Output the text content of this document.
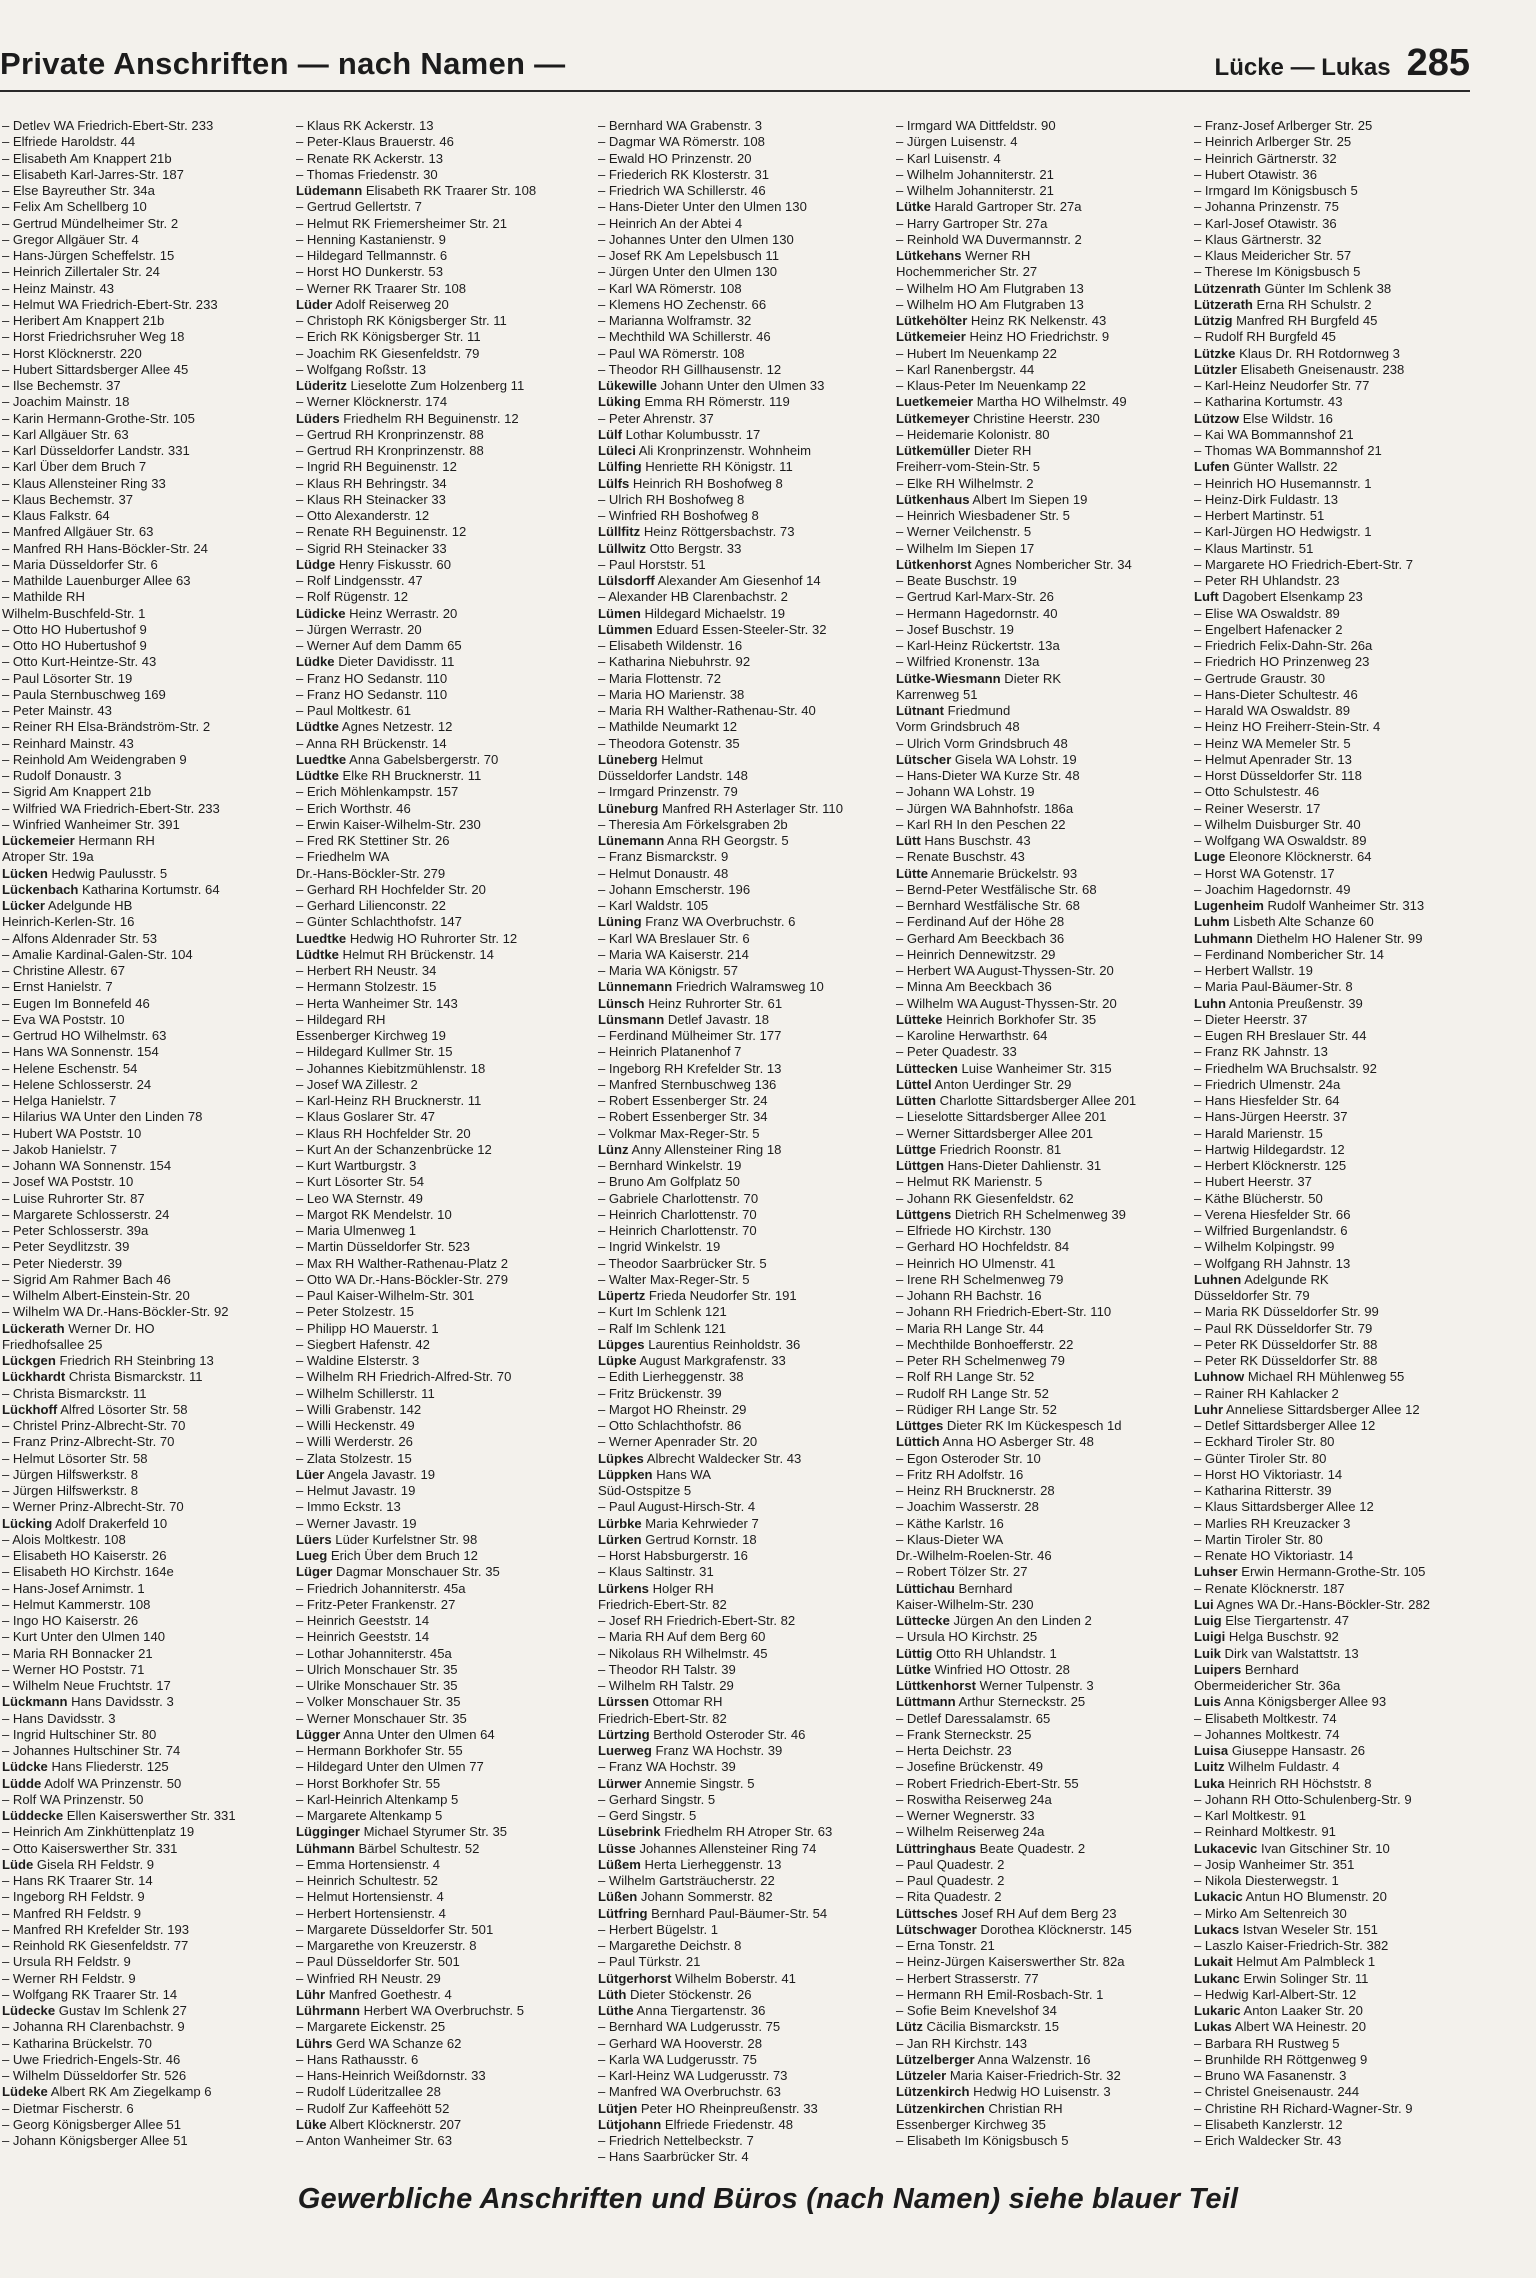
Private Anschriften — nach Namen —	Lücke — Lukas 285
– Detlev WA Friedrich-Ebert-Str. 233
– Elfriede Haroldstr. 44
– Elisabeth Am Knappert 21b
– Elisabeth Karl-Jarres-Str. 187
– Else Bayreuther Str. 34a
– Felix Am Schellberg 10
– Gertrud Mündelheimer Str. 2
– Gregor Allgäuer Str. 4
– Hans-Jürgen Scheffelstr. 15
– Heinrich Zillertaler Str. 24
– Heinz Mainstr. 43
– Helmut WA Friedrich-Ebert-Str. 233
– Heribert Am Knappert 21b
– Horst Friedrichsruher Weg 18
– Horst Klöcknerstr. 220
– Hubert Sittardsberger Allee 45
– Ilse Bechemstr. 37
– Joachim Mainstr. 18
– Karin Hermann-Grothe-Str. 105
– Karl Allgäuer Str. 63
– Karl Düsseldorfer Landstr. 331
– Karl Über dem Bruch 7
– Klaus Allensteiner Ring 33
– Klaus Bechemstr. 37
– Klaus Falkstr. 64
– Manfred Allgäuer Str. 63
– Manfred RH Hans-Böckler-Str. 24
– Maria Düsseldorfer Str. 6
– Mathilde Lauenburger Allee 63
– Mathilde RH
Wilhelm-Buschfeld-Str. 1
– Otto HO Hubertushof 9
– Otto HO Hubertushof 9
– Otto Kurt-Heintze-Str. 43
– Paul Lösorter Str. 19
– Paula Sternbuschweg 169
– Peter Mainstr. 43
– Reiner RH Elsa-Brändström-Str. 2
– Reinhard Mainstr. 43
– Reinhold Am Weidengraben 9
– Rudolf Donaustr. 3
– Sigrid Am Knappert 21b
– Wilfried WA Friedrich-Ebert-Str. 233
– Winfried Wanheimer Str. 391
Lückemeier Hermann RH
Atroper Str. 19a
Lücken Hedwig Paulusstr. 5
Lückenbach Katharina Kortumstr. 64
Lücker Adelgunde HB
Heinrich-Kerlen-Str. 16
– Alfons Aldenrader Str. 53
– Amalie Kardinal-Galen-Str. 104
– Christine Allestr. 67
– Ernst Hanielstr. 7
– Eugen Im Bonnefeld 46
– Eva WA Poststr. 10
– Gertrud HO Wilhelmstr. 63
– Hans WA Sonnenstr. 154
– Helene Eschenstr. 54
– Helene Schlosserstr. 24
– Helga Hanielstr. 7
– Hilarius WA Unter den Linden 78
– Hubert WA Poststr. 10
– Jakob Hanielstr. 7
– Johann WA Sonnenstr. 154
– Josef WA Poststr. 10
– Luise Ruhrorter Str. 87
– Margarete Schlosserstr. 24
– Peter Schlosserstr. 39a
– Peter Seydlitzstr. 39
– Peter Niederstr. 39
– Sigrid Am Rahmer Bach 46
– Wilhelm Albert-Einstein-Str. 20
– Wilhelm WA Dr.-Hans-Böckler-Str. 92
Lückerath Werner Dr. HO
Friedhofsallee 25
Lückgen Friedrich RH Steinbring 13
Lückhardt Christa Bismarckstr. 11
– Christa Bismarckstr. 11
Lückhoff Alfred Lösorter Str. 58
– Christel Prinz-Albrecht-Str. 70
– Franz Prinz-Albrecht-Str. 70
– Helmut Lösorter Str. 58
– Jürgen Hilfswerkstr. 8
– Jürgen Hilfswerkstr. 8
– Werner Prinz-Albrecht-Str. 70
Lücking Adolf Drakerfeld 10
– Alois Moltkestr. 108
– Elisabeth HO Kaiserstr. 26
– Elisabeth HO Kirchstr. 164e
– Hans-Josef Arnimstr. 1
– Helmut Kammerstr. 108
– Ingo HO Kaiserstr. 26
– Kurt Unter den Ulmen 140
– Maria RH Bonnacker 21
– Werner HO Poststr. 71
– Wilhelm Neue Fruchtstr. 17
Lückmann Hans Davidsstr. 3
– Hans Davidsstr. 3
– Ingrid Hultschiner Str. 80
– Johannes Hultschiner Str. 74
Lüdcke Hans Fliederstr. 125
Lüdde Adolf WA Prinzenstr. 50
– Rolf WA Prinzenstr. 50
Lüddecke Ellen Kaiserswerther Str. 331
– Heinrich Am Zinkhüttenplatz 19
– Otto Kaiserswerther Str. 331
Lüde Gisela RH Feldstr. 9
– Hans RK Traarer Str. 14
– Ingeborg RH Feldstr. 9
– Manfred RH Feldstr. 9
– Manfred RH Krefelder Str. 193
– Reinhold RK Giesenfeldstr. 77
– Ursula RH Feldstr. 9
– Werner RH Feldstr. 9
– Wolfgang RK Traarer Str. 14
Lüdecke Gustav Im Schlenk 27
– Johanna RH Clarenbachstr. 9
– Katharina Brückelstr. 70
– Uwe Friedrich-Engels-Str. 46
– Wilhelm Düsseldorfer Str. 526
Lüdeke Albert RK Am Ziegelkamp 6
– Dietmar Fischerstr. 6
– Georg Königsberger Allee 51
– Johann Königsberger Allee 51
– Klaus RK Ackerstr. 13
– Peter-Klaus Brauerstr. 46
– Renate RK Ackerstr. 13
– Thomas Friedenstr. 30
Lüdemann Elisabeth RK Traarer Str. 108
– Gertrud Gellertstr. 7
– Helmut RK Friemersheimer Str. 21
– Henning Kastanienstr. 9
– Hildegard Tellmannstr. 6
– Horst HO Dunkerstr. 53
– Werner RK Traarer Str. 108
Lüder Adolf Reiserweg 20
– Christoph RK Königsberger Str. 11
– Erich RK Königsberger Str. 11
– Joachim RK Giesenfeldstr. 79
– Wolfgang Roßstr. 13
Lüderitz Lieselotte Zum Holzenberg 11
– Werner Klöcknerstr. 174
Lüders Friedhelm RH Beguinenstr. 12
– Gertrud RH Kronprinzenstr. 88
– Gertrud RH Kronprinzenstr. 88
– Ingrid RH Beguinenstr. 12
– Klaus RH Behringstr. 34
– Klaus RH Steinacker 33
– Otto Alexanderstr. 12
– Renate RH Beguinenstr. 12
– Sigrid RH Steinacker 33
Lüdge Henry Fiskusstr. 60
– Rolf Lindgensstr. 47
– Rolf Rügenstr. 12
Lüdicke Heinz Werrastr. 20
– Jürgen Werrastr. 20
– Werner Auf dem Damm 65
Lüdke Dieter Davidisstr. 11
– Franz HO Sedanstr. 110
– Franz HO Sedanstr. 110
– Paul Moltkestr. 61
Lüdtke Agnes Netzestr. 12
– Anna RH Brückenstr. 14
Luedtke Anna Gabelsbergerstr. 70
Lüdtke Elke RH Brucknerstr. 11
– Erich Möhlenkampstr. 157
– Erich Worthstr. 46
– Erwin Kaiser-Wilhelm-Str. 230
– Fred RK Stettiner Str. 26
– Friedhelm WA
Dr.-Hans-Böckler-Str. 279
– Gerhard RH Hochfelder Str. 20
– Gerhard Lilienconstr. 22
– Günter Schlachthofstr. 147
Luedtke Hedwig HO Ruhrorter Str. 12
Lüdtke Helmut RH Brückenstr. 14
– Herbert RH Neustr. 34
– Hermann Stolzestr. 15
– Herta Wanheimer Str. 143
– Hildegard RH
Essenberger Kirchweg 19
– Hildegard Kullmer Str. 15
– Johannes Kiebitzmühlenstr. 18
– Josef WA Zillestr. 2
– Karl-Heinz RH Brucknerstr. 11
– Klaus Goslarer Str. 47
– Klaus RH Hochfelder Str. 20
– Kurt An der Schanzenbrücke 12
– Kurt Wartburgstr. 3
– Kurt Lösorter Str. 54
– Leo WA Sternstr. 49
– Margot RK Mendelstr. 10
– Maria Ulmenweg 1
– Martin Düsseldorfer Str. 523
– Max RH Walther-Rathenau-Platz 2
– Otto WA Dr.-Hans-Böckler-Str. 279
– Paul Kaiser-Wilhelm-Str. 301
– Peter Stolzestr. 15
– Philipp HO Mauerstr. 1
– Siegbert Hafenstr. 42
– Waldine Elsterstr. 3
– Wilhelm RH Friedrich-Alfred-Str. 70
– Wilhelm Schillerstr. 11
– Willi Grabenstr. 142
– Willi Heckenstr. 49
– Willi Werderstr. 26
– Zlata Stolzestr. 15
Lüer Angela Javastr. 19
– Helmut Javastr. 19
– Immo Eckstr. 13
– Werner Javastr. 19
Lüers Lüder Kurfelstner Str. 98
Lueg Erich Über dem Bruch 12
Lüger Dagmar Monschauer Str. 35
– Friedrich Johanniterstr. 45a
– Fritz-Peter Frankenstr. 27
– Heinrich Geeststr. 14
– Heinrich Geeststr. 14
– Lothar Johanniterstr. 45a
– Ulrich Monschauer Str. 35
– Ulrike Monschauer Str. 35
– Volker Monschauer Str. 35
– Werner Monschauer Str. 35
Lügger Anna Unter den Ulmen 64
– Hermann Borkhofer Str. 55
– Hildegard Unter den Ulmen 77
– Horst Borkhofer Str. 55
– Karl-Heinrich Altenkamp 5
– Margarete Altenkamp 5
Lügginger Michael Styrumer Str. 35
Lühmann Bärbel Schultestr. 52
– Emma Hortensienstr. 4
– Heinrich Schultestr. 52
– Helmut Hortensienstr. 4
– Herbert Hortensienstr. 4
– Margarete Düsseldorfer Str. 501
– Margarethe von Kreuzerstr. 8
– Paul Düsseldorfer Str. 501
– Winfried RH Neustr. 29
Lühr Manfred Goethestr. 4
Lührmann Herbert WA Overbruchstr. 5
– Margarete Eickenstr. 25
Lührs Gerd WA Schanze 62
– Hans Rathausstr. 6
– Hans-Heinrich Weißdornstr. 33
– Rudolf Lüderitzallee 28
– Rudolf Zur Kaffeehött 52
Lüke Albert Klöcknerstr. 207
– Anton Wanheimer Str. 63
– Bernhard WA Grabenstr. 3
– Dagmar WA Römerstr. 108
– Ewald HO Prinzenstr. 20
– Friederich RK Klosterstr. 31
– Friedrich WA Schillerstr. 46
– Hans-Dieter Unter den Ulmen 130
– Heinrich An der Abtei 4
– Johannes Unter den Ulmen 130
– Josef RK Am Lepelsbusch 11
– Jürgen Unter den Ulmen 130
– Karl WA Römerstr. 108
– Klemens HO Zechenstr. 66
– Marianna Wolframstr. 32
– Mechthild WA Schillerstr. 46
– Paul WA Römerstr. 108
– Theodor RH Gillhausenstr. 12
Lükewille Johann Unter den Ulmen 33
Lüking Emma RH Römerstr. 119
– Peter Ahrenstr. 37
Lülf Lothar Kolumbusstr. 17
Lüleci Ali Kronprinzenstr. Wohnheim
Lülfing Henriette RH Königstr. 11
Lülfs Heinrich RH Boshofweg 8
– Ulrich RH Boshofweg 8
– Winfried RH Boshofweg 8
Lüllfitz Heinz Röttgersbachstr. 73
Lüllwitz Otto Bergstr. 33
– Paul Horststr. 51
Lülsdorff Alexander Am Giesenhof 14
– Alexander HB Clarenbachstr. 2
Lümen Hildegard Michaelstr. 19
Lümmen Eduard Essen-Steeler-Str. 32
– Elisabeth Wildenstr. 16
– Katharina Niebuhrstr. 92
– Maria Flottenstr. 72
– Maria HO Marienstr. 38
– Maria RH Walther-Rathenau-Str. 40
– Mathilde Neumarkt 12
– Theodora Gotenstr. 35
Lüneberg Helmut
Düsseldorfer Landstr. 148
– Irmgard Prinzenstr. 79
Lüneburg Manfred RH Asterlager Str. 110
– Theresia Am Förkelsgraben 2b
Lünemann Anna RH Georgstr. 5
– Franz Bismarckstr. 9
– Helmut Donaustr. 48
– Johann Emscherstr. 196
– Karl Waldstr. 105
Lüning Franz WA Overbruchstr. 6
– Karl WA Breslauer Str. 6
– Maria WA Kaiserstr. 214
– Maria WA Königstr. 57
Lünnemann Friedrich Walramsweg 10
Lünsch Heinz Ruhrorter Str. 61
Lünsmann Detlef Javastr. 18
– Ferdinand Mülheimer Str. 177
– Heinrich Platanenhof 7
– Ingeborg RH Krefelder Str. 13
– Manfred Sternbuschweg 136
– Robert Essenberger Str. 24
– Robert Essenberger Str. 34
– Volkmar Max-Reger-Str. 5
Lünz Anny Allensteiner Ring 18
– Bernhard Winkelstr. 19
– Bruno Am Golfplatz 50
– Gabriele Charlottenstr. 70
– Heinrich Charlottenstr. 70
– Heinrich Charlottenstr. 70
– Ingrid Winkelstr. 19
– Theodor Saarbrücker Str. 5
– Walter Max-Reger-Str. 5
Lüpertz Frieda Neudorfer Str. 191
– Kurt Im Schlenk 121
– Ralf Im Schlenk 121
Lüpges Laurentius Reinholdstr. 36
Lüpke August Markgrafenstr. 33
– Edith Lierheggenstr. 38
– Fritz Brückenstr. 39
– Margot HO Rheinstr. 29
– Otto Schlachthofstr. 86
– Werner Apenrader Str. 20
Lüpkes Albrecht Waldecker Str. 43
Lüppken Hans WA
Süd-Ostspitze 5
– Paul August-Hirsch-Str. 4
Lürbke Maria Kehrwieder 7
Lürken Gertrud Kornstr. 18
– Horst Habsburgerstr. 16
– Klaus Saltinstr. 31
Lürkens Holger RH
Friedrich-Ebert-Str. 82
– Josef RH Friedrich-Ebert-Str. 82
– Maria RH Auf dem Berg 60
– Nikolaus RH Wilhelmstr. 45
– Theodor RH Talstr. 39
– Wilhelm RH Talstr. 29
Lürssen Ottomar RH
Friedrich-Ebert-Str. 82
Lürtzing Berthold Osteroder Str. 46
Luerweg Franz WA Hochstr. 39
– Franz WA Hochstr. 39
Lürwer Annemie Singstr. 5
– Gerhard Singstr. 5
– Gerd Singstr. 5
Lüsebrink Friedhelm RH Atroper Str. 63
Lüsse Johannes Allensteiner Ring 74
Lüßem Herta Lierheggenstr. 13
– Wilhelm Gartsträucherstr. 22
Lüßen Johann Sommerstr. 82
Lütfring Bernhard Paul-Bäumer-Str. 54
– Herbert Bügelstr. 1
– Margarethe Deichstr. 8
– Paul Türkstr. 21
Lütgerhorst Wilhelm Boberstr. 41
Lüth Dieter Stöckenstr. 26
Lüthe Anna Tiergartenstr. 36
– Bernhard WA Ludgerusstr. 75
– Gerhard WA Hooverstr. 28
– Karla WA Ludgerusstr. 75
– Karl-Heinz WA Ludgerusstr. 73
– Manfred WA Overbruchstr. 63
Lütjen Peter HO Rheinpreußenstr. 33
Lütjohann Elfriede Friedenstr. 48
– Friedrich Nettelbeckstr. 7
– Hans Saarbrücker Str. 4
– Irmgard WA Dittfeldstr. 90
– Jürgen Luisenstr. 4
– Karl Luisenstr. 4
– Wilhelm Johanniterstr. 21
– Wilhelm Johanniterstr. 21
Lütke Harald Gartroper Str. 27a
– Harry Gartroper Str. 27a
– Reinhold WA Duvermannstr. 2
Lütkehans Werner RH
Hochemmericher Str. 27
– Wilhelm HO Am Flutgraben 13
– Wilhelm HO Am Flutgraben 13
Lütkehölter Heinz RK Nelkenstr. 43
Lütkemeier Heinz HO Friedrichstr. 9
– Hubert Im Neuenkamp 22
– Karl Ranenbergstr. 44
– Klaus-Peter Im Neuenkamp 22
Luetkemeier Martha HO Wilhelmstr. 49
Lütkemeyer Christine Heerstr. 230
– Heidemarie Kolonistr. 80
Lütkemüller Dieter RH
Freiherr-vom-Stein-Str. 5
– Elke RH Wilhelmstr. 2
Lütkenhaus Albert Im Siepen 19
– Heinrich Wiesbadener Str. 5
– Werner Veilchenstr. 5
– Wilhelm Im Siepen 17
Lütkenhorst Agnes Nombericher Str. 34
– Beate Buschstr. 19
– Gertrud Karl-Marx-Str. 26
– Hermann Hagedornstr. 40
– Josef Buschstr. 19
– Karl-Heinz Rückertstr. 13a
– Wilfried Kronenstr. 13a
Lütke-Wiesmann Dieter RK
Karrenweg 51
Lütnant Friedmund
Vorm Grindsbruch 48
– Ulrich Vorm Grindsbruch 48
Lütscher Gisela WA Lohstr. 19
– Hans-Dieter WA Kurze Str. 48
– Johann WA Lohstr. 19
– Jürgen WA Bahnhofstr. 186a
– Karl RH In den Peschen 22
Lütt Hans Buschstr. 43
– Renate Buschstr. 43
Lütte Annemarie Brückelstr. 93
– Bernd-Peter Westfälische Str. 68
– Bernhard Westfälische Str. 68
– Ferdinand Auf der Höhe 28
– Gerhard Am Beeckbach 36
– Heinrich Dennewitzstr. 29
– Herbert WA August-Thyssen-Str. 20
– Minna Am Beeckbach 36
– Wilhelm WA August-Thyssen-Str. 20
Lütteke Heinrich Borkhofer Str. 35
– Karoline Herwarthstr. 64
– Peter Quadestr. 33
Lüttecken Luise Wanheimer Str. 315
Lüttel Anton Uerdinger Str. 29
Lütten Charlotte Sittardsberger Allee 201
– Lieselotte Sittardsberger Allee 201
– Werner Sittardsberger Allee 201
Lüttge Friedrich Roonstr. 81
Lüttgen Hans-Dieter Dahlienstr. 31
– Helmut RK Marienstr. 5
– Johann RK Giesenfeldstr. 62
Lüttgens Dietrich RH Schelmenweg 39
– Elfriede HO Kirchstr. 130
– Gerhard HO Hochfeldstr. 84
– Heinrich HO Ulmenstr. 41
– Irene RH Schelmenweg 79
– Johann RH Bachstr. 16
– Johann RH Friedrich-Ebert-Str. 110
– Maria RH Lange Str. 44
– Mechthilde Bonhoefferstr. 22
– Peter RH Schelmenweg 79
– Rolf RH Lange Str. 52
– Rudolf RH Lange Str. 52
– Rüdiger RH Lange Str. 52
Lüttges Dieter RK Im Kückespesch 1d
Lüttich Anna HO Asberger Str. 48
– Egon Osteroder Str. 10
– Fritz RH Adolfstr. 16
– Heinz RH Brucknerstr. 28
– Joachim Wasserstr. 28
– Käthe Karlstr. 16
– Klaus-Dieter WA
Dr.-Wilhelm-Roelen-Str. 46
– Robert Tölzer Str. 27
Lüttichau Bernhard
Kaiser-Wilhelm-Str. 230
Lüttecke Jürgen An den Linden 2
– Ursula HO Kirchstr. 25
Lüttig Otto RH Uhlandstr. 1
Lütke Winfried HO Ottostr. 28
Lüttkenhorst Werner Tulpenstr. 3
Lüttmann Arthur Sterneckstr. 25
– Detlef Daressalamstr. 65
– Frank Sterneckstr. 25
– Herta Deichstr. 23
– Josefine Brückenstr. 49
– Robert Friedrich-Ebert-Str. 55
– Roswitha Reiserweg 24a
– Werner Wegnerstr. 33
– Wilhelm Reiserweg 24a
Lüttringhaus Beate Quadestr. 2
– Paul Quadestr. 2
– Paul Quadestr. 2
– Rita Quadestr. 2
Lüttsches Josef RH Auf dem Berg 23
Lütschwager Dorothea Klöcknerstr. 145
– Erna Tonstr. 21
– Heinz-Jürgen Kaiserswerther Str. 82a
– Herbert Strasserstr. 77
– Hermann RH Emil-Rosbach-Str. 1
– Sofie Beim Knevelshof 34
Lütz Cäcilia Bismarckstr. 15
– Jan RH Kirchstr. 143
Lützelberger Anna Walzenstr. 16
Lützeler Maria Kaiser-Friedrich-Str. 32
Lützenkirch Hedwig HO Luisenstr. 3
Lützenkirchen Christian RH
Essenberger Kirchweg 35
– Elisabeth Im Königsbusch 5
– Franz-Josef Arlberger Str. 25
– Heinrich Arlberger Str. 25
– Heinrich Gärtnerstr. 32
– Hubert Otawistr. 36
– Irmgard Im Königsbusch 5
– Johanna Prinzenstr. 75
– Karl-Josef Otawistr. 36
– Klaus Gärtnerstr. 32
– Klaus Meidericher Str. 57
– Therese Im Königsbusch 5
Lützenrath Günter Im Schlenk 38
Lützerath Erna RH Schulstr. 2
Lützig Manfred RH Burgfeld 45
– Rudolf RH Burgfeld 45
Lützke Klaus Dr. RH Rotdornweg 3
Lützler Elisabeth Gneisenaustr. 238
– Karl-Heinz Neudorfer Str. 77
– Katharina Kortumstr. 43
Lützow Else Wildstr. 16
– Kai WA Bommannshof 21
– Thomas WA Bommannshof 21
Lufen Günter Wallstr. 22
– Heinrich HO Husemannstr. 1
– Heinz-Dirk Fuldastr. 13
– Herbert Martinstr. 51
– Karl-Jürgen HO Hedwigstr. 1
– Klaus Martinstr. 51
– Margarete HO Friedrich-Ebert-Str. 7
– Peter RH Uhlandstr. 23
Luft Dagobert Elsenkamp 23
– Elise WA Oswaldstr. 89
– Engelbert Hafenacker 2
– Friedrich Felix-Dahn-Str. 26a
– Friedrich HO Prinzenweg 23
– Gertrude Graustr. 30
– Hans-Dieter Schultestr. 46
– Harald WA Oswaldstr. 89
– Heinz HO Freiherr-Stein-Str. 4
– Heinz WA Memeler Str. 5
– Helmut Apenrader Str. 13
– Horst Düsseldorfer Str. 118
– Otto Schulstestr. 46
– Reiner Weserstr. 17
– Wilhelm Duisburger Str. 40
– Wolfgang WA Oswaldstr. 89
Luge Eleonore Klöcknerstr. 64
– Horst WA Gotenstr. 17
– Joachim Hagedornstr. 49
Lugenheim Rudolf Wanheimer Str. 313
Luhm Lisbeth Alte Schanze 60
Luhmann Diethelm HO Halener Str. 99
– Ferdinand Nombericher Str. 14
– Herbert Wallstr. 19
– Maria Paul-Bäumer-Str. 8
Luhn Antonia Preußenstr. 39
– Dieter Heerstr. 37
– Eugen RH Breslauer Str. 44
– Franz RK Jahnstr. 13
– Friedhelm WA Bruchsalstr. 92
– Friedrich Ulmenstr. 24a
– Hans Hiesfelder Str. 64
– Hans-Jürgen Heerstr. 37
– Harald Marienstr. 15
– Hartwig Hildegardstr. 12
– Herbert Klöcknerstr. 125
– Hubert Heerstr. 37
– Käthe Blücherstr. 50
– Verena Hiesfelder Str. 66
– Wilfried Burgenlandstr. 6
– Wilhelm Kolpingstr. 99
– Wolfgang RH Jahnstr. 13
Luhnen Adelgunde RK
Düsseldorfer Str. 79
– Maria RK Düsseldorfer Str. 99
– Paul RK Düsseldorfer Str. 79
– Peter RK Düsseldorfer Str. 88
– Peter RK Düsseldorfer Str. 88
Luhnow Michael RH Mühlenweg 55
– Rainer RH Kahlacker 2
Luhr Anneliese Sittardsberger Allee 12
– Detlef Sittardsberger Allee 12
– Eckhard Tiroler Str. 80
– Günter Tiroler Str. 80
– Horst HO Viktoriastr. 14
– Katharina Ritterstr. 39
– Klaus Sittardsberger Allee 12
– Marlies RH Kreuzacker 3
– Martin Tiroler Str. 80
– Renate HO Viktoriastr. 14
Luhser Erwin Hermann-Grothe-Str. 105
– Renate Klöcknerstr. 187
Lui Agnes WA Dr.-Hans-Böckler-Str. 282
Luig Else Tiergartenstr. 47
Luigi Helga Buschstr. 92
Luik Dirk van Walstattstr. 13
Luipers Bernhard
Obermeidericher Str. 36a
Luis Anna Königsberger Allee 93
– Elisabeth Moltkestr. 74
– Johannes Moltkestr. 74
Luisa Giuseppe Hansastr. 26
Luitz Wilhelm Fuldastr. 4
Luka Heinrich RH Höchststr. 8
– Johann RH Otto-Schulenberg-Str. 9
– Karl Moltkestr. 91
– Reinhard Moltkestr. 91
Lukacevic Ivan Gitschiner Str. 10
– Josip Wanheimer Str. 351
– Nikola Diesterwegstr. 1
Lukacic Antun HO Blumenstr. 20
– Mirko Am Seltenreich 30
Lukacs Istvan Weseler Str. 151
– Laszlo Kaiser-Friedrich-Str. 382
Lukait Helmut Am Palmbleck 1
Lukanc Erwin Solinger Str. 11
– Hedwig Karl-Albert-Str. 12
Lukaric Anton Laaker Str. 20
Lukas Albert WA Heinestr. 20
– Barbara RH Rustweg 5
– Brunhilde RH Röttgenweg 9
– Bruno WA Fasanenstr. 3
– Christel Gneisenaustr. 244
– Christine RH Richard-Wagner-Str. 9
– Elisabeth Kanzlerstr. 12
– Erich Waldecker Str. 43
Gewerbliche Anschriften und Büros (nach Namen) siehe blauer Teil
